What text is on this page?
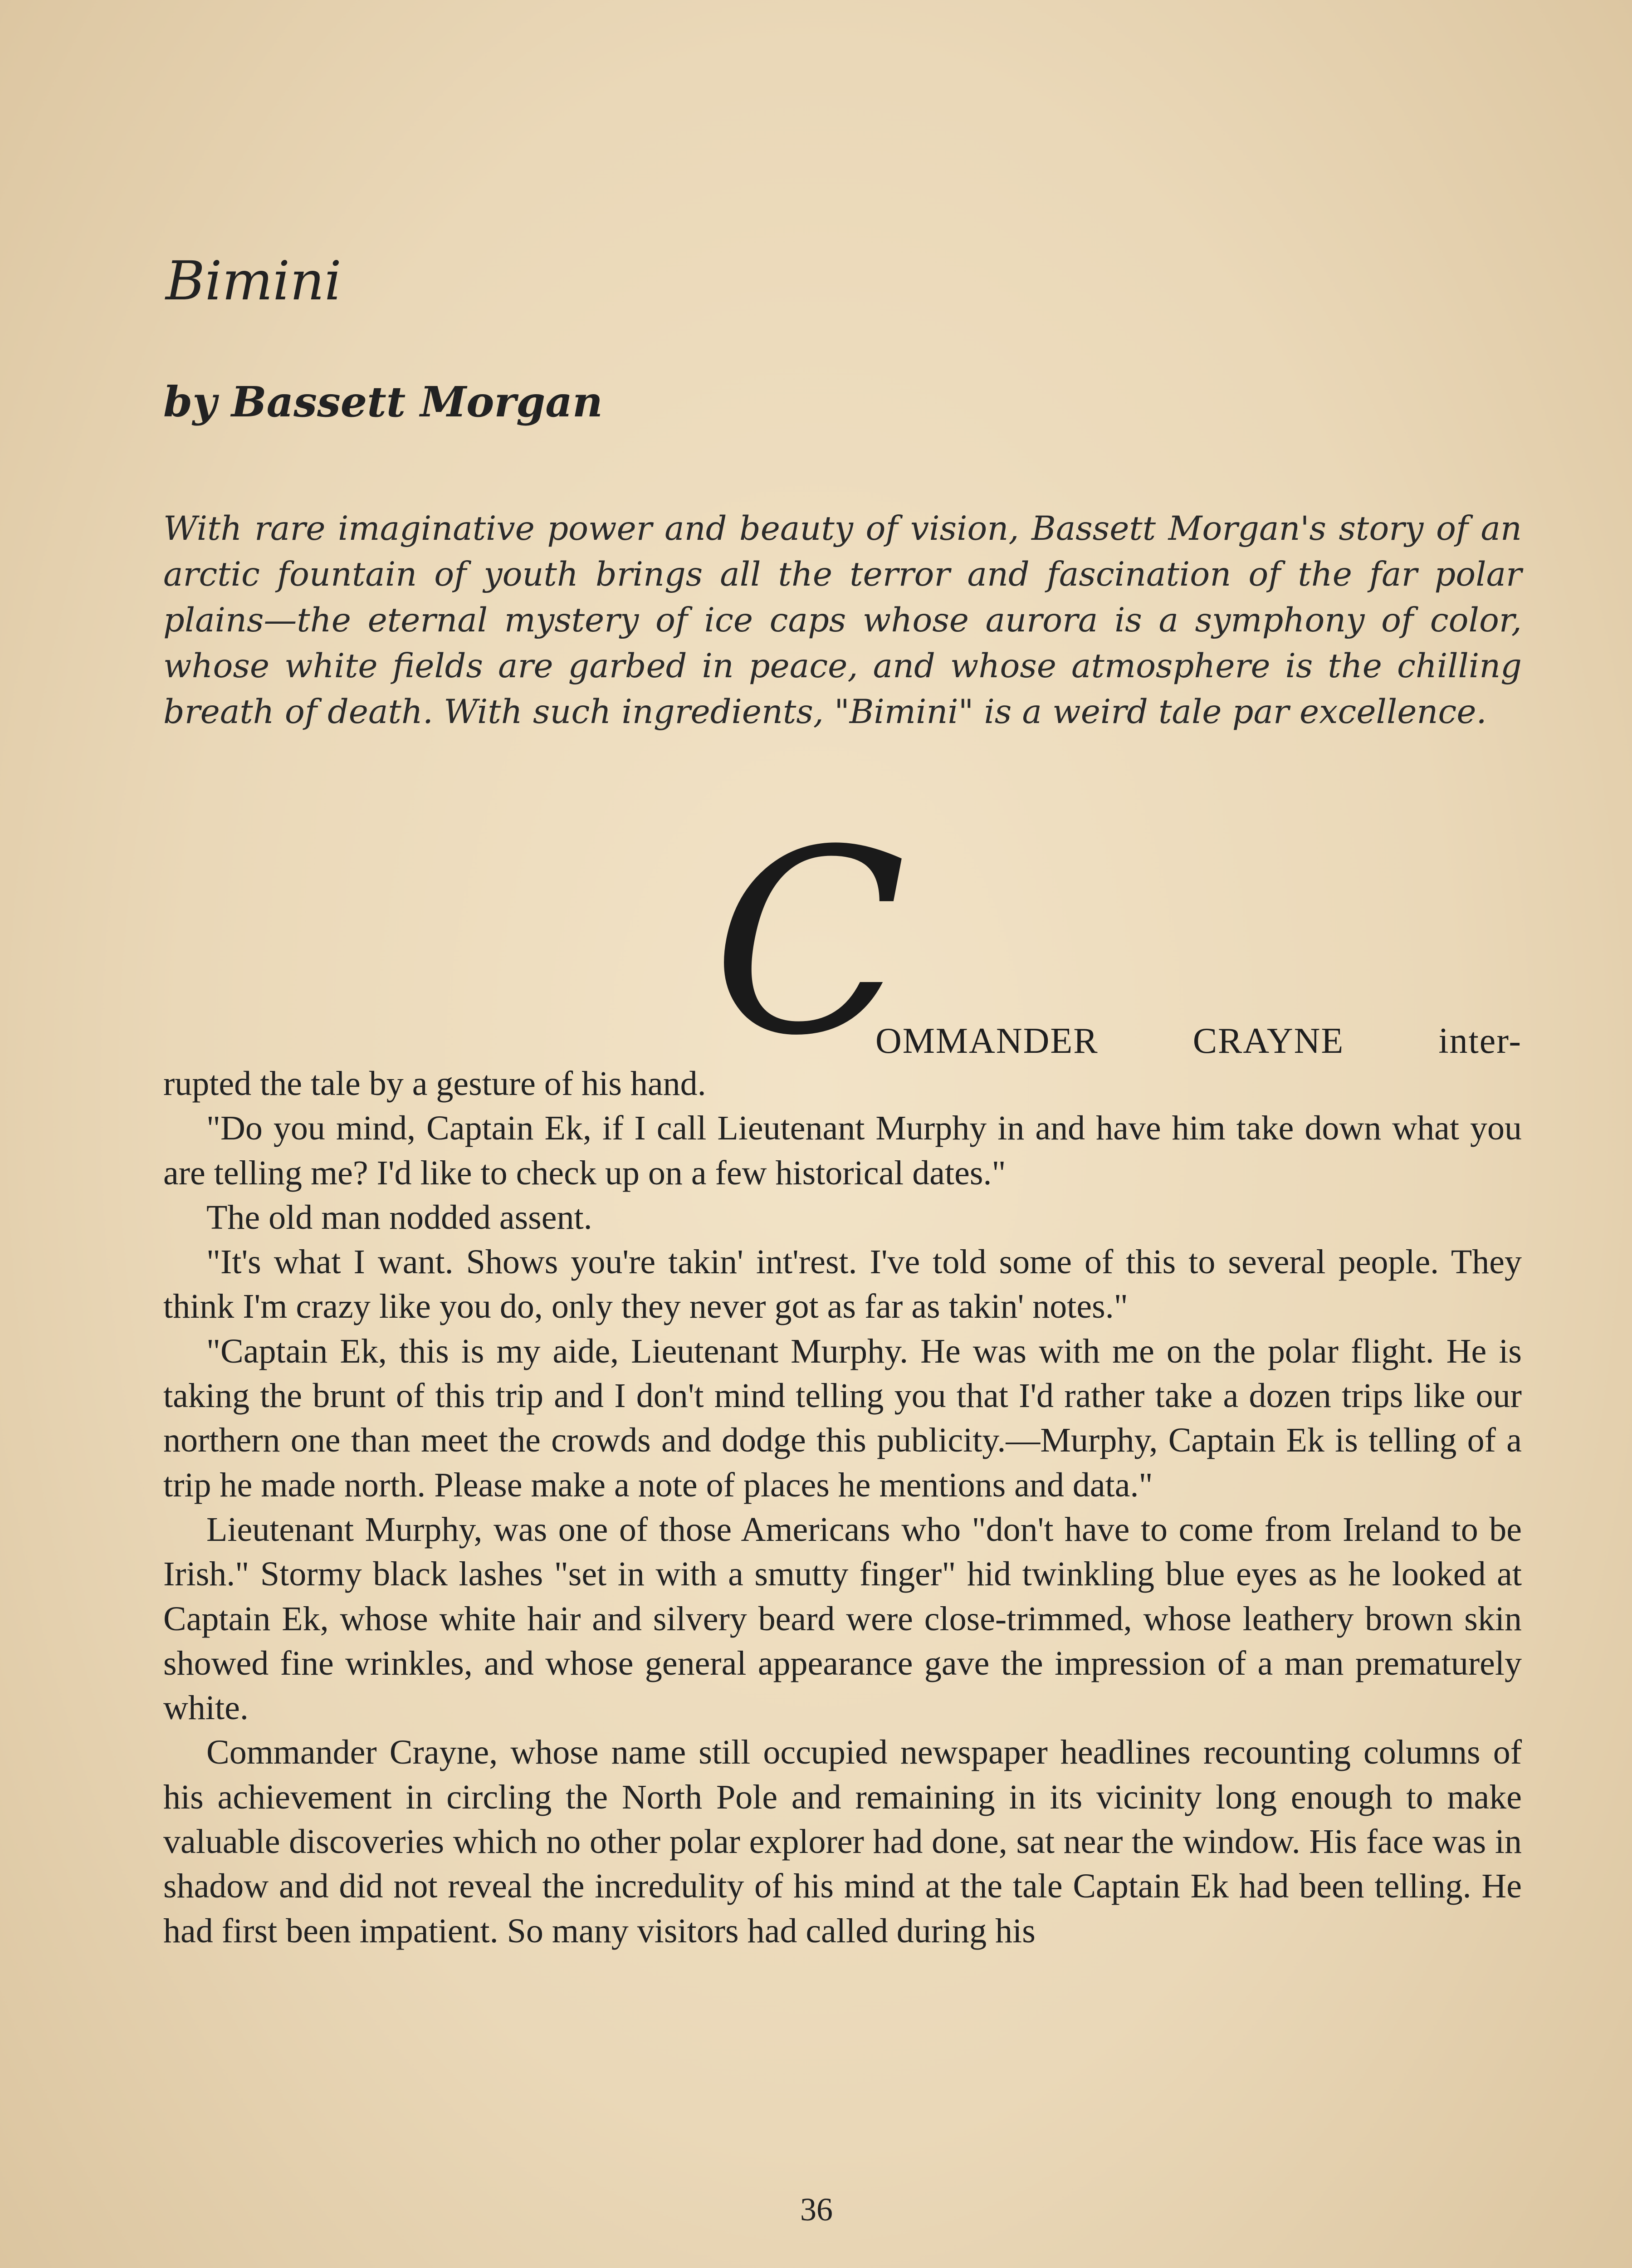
Bimini
by Bassett Morgan

With rare imaginative power and beauty of vision, Bassett Morgan's story of an arctic fountain of youth brings all the terror and fascination of the far polar plains—the eternal mystery of ice caps whose aurora is a symphony of color, whose white fields are garbed in peace, and whose atmosphere is the chilling breath of death. With such ingredients, "Bimini" is a weird tale par excellence.

C
OMMANDER CRAYNE inter-

rupted the tale by a gesture of his hand.

"Do you mind, Captain Ek, if I call Lieutenant Murphy in and have him take down what you are telling me? I'd like to check up on a few historical dates."

The old man nodded assent.

"It's what I want. Shows you're takin' int'rest. I've told some of this to several people. They think I'm crazy like you do, only they never got as far as takin' notes."

"Captain Ek, this is my aide, Lieutenant Murphy. He was with me on the polar flight. He is taking the brunt of this trip and I don't mind telling you that I'd rather take a dozen trips like our northern one than meet the crowds and dodge this publicity.—Murphy, Captain Ek is telling of a trip he made north. Please make a note of places he mentions and data."

Lieutenant Murphy, was one of those Americans who "don't have to come from Ireland to be Irish." Stormy black lashes "set in with a smutty finger" hid twinkling blue eyes as he looked at Captain Ek, whose white hair and silvery beard were close-trimmed, whose leathery brown skin showed fine wrinkles, and whose general appearance gave the impression of a man prematurely white.

Commander Crayne, whose name still occupied newspaper headlines recounting columns of his achievement in circling the North Pole and remaining in its vicinity long enough to make valuable discoveries which no other polar explorer had done, sat near the window. His face was in shadow and did not reveal the incredulity of his mind at the tale Captain Ek had been telling. He had first been impatient. So many visitors had called during his

36
